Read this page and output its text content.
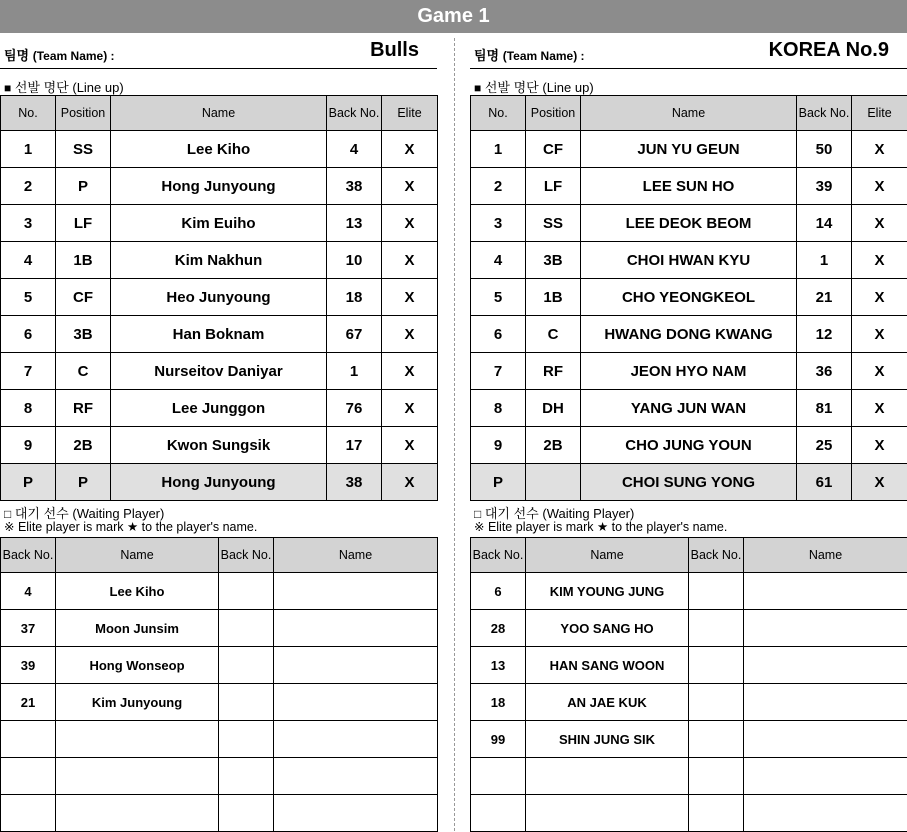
Game 1
팀명 (Team Name) :	Bulls
■ 선발 명단 (Line up)
No.	Position	Name	Back No.	Elite
1	SS	Lee Kiho	4	X
2	P	Hong Junyoung	38	X
3	LF	Kim Euiho	13	X
4	1B	Kim Nakhun	10	X
5	CF	Heo Junyoung	18	X
6	3B	Han Boknam	67	X
7	C	Nurseitov Daniyar	1	X
8	RF	Lee Junggon	76	X
9	2B	Kwon Sungsik	17	X
P	P	Hong Junyoung	38	X
□ 대기 선수 (Waiting Player)
※ Elite player is mark ★ to the player's name.
Back No.	Name	Back No.	Name
4	Lee Kiho		
37	Moon Junsim		
39	Hong Wonseop		
21	Kim Junyoung		

팀명 (Team Name) :	KOREA No.9
■ 선발 명단 (Line up)
No.	Position	Name	Back No.	Elite
1	CF	JUN YU GEUN	50	X
2	LF	LEE SUN HO	39	X
3	SS	LEE DEOK BEOM	14	X
4	3B	CHOI HWAN KYU	1	X
5	1B	CHO YEONGKEOL	21	X
6	C	HWANG DONG KWANG	12	X
7	RF	JEON HYO NAM	36	X
8	DH	YANG JUN WAN	81	X
9	2B	CHO JUNG YOUN	25	X
P		CHOI SUNG YONG	61	X
□ 대기 선수 (Waiting Player)
※ Elite player is mark ★ to the player's name.
Back No.	Name	Back No.	Name
6	KIM YOUNG JUNG		
28	YOO SANG HO		
13	HAN SANG WOON		
18	AN JAE KUK		
99	SHIN JUNG SIK		
